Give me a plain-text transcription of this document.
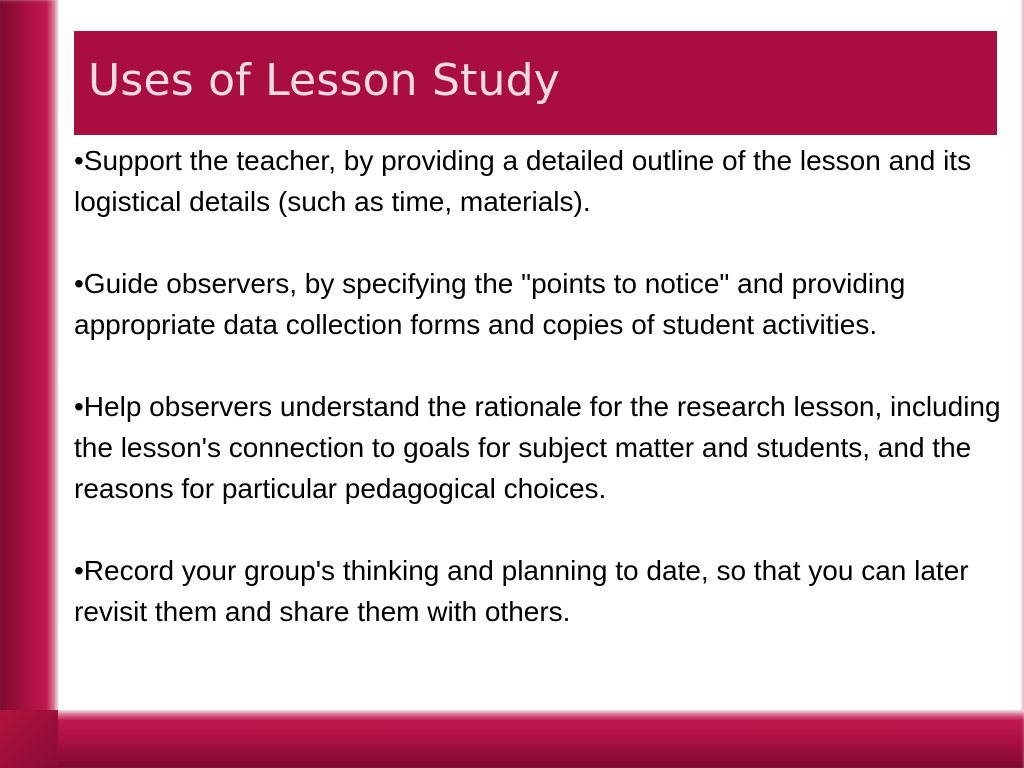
Uses of Lesson Study

•Support the teacher, by providing a detailed outline of the lesson and its logistical details (such as time, materials).

•Guide observers, by specifying the "points to notice" and providing appropriate data collection forms and copies of student activities.

•Help observers understand the rationale for the research lesson, including the lesson's connection to goals for subject matter and students, and the reasons for particular pedagogical choices.

•Record your group's thinking and planning to date, so that you can later revisit them and share them with others.
